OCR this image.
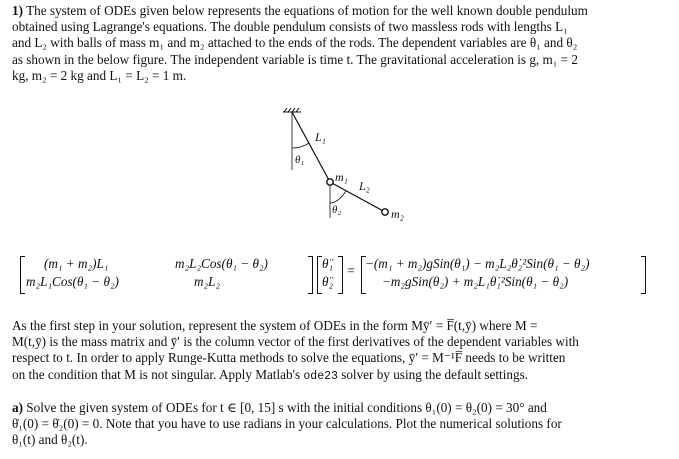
1) The system of ODEs given below represents the equations of motion for the well known double pendulum
obtained using Lagrange's equations. The double pendulum consists of two massless rods with lengths L₁
and L₂ with balls of mass m₁ and m₂ attached to the ends of the rods. The dependent variables are θ₁ and θ₂
as shown in the below figure. The independent variable is time t. The gravitational acceleration is g, m₁ = 2
kg, m₂ = 2 kg and L₁ = L₂ = 1 m.
L₁
θ₁
m₁
L₂
θ₂	m₂
(m₁ + m₂)L₁	m₂L₂Cos(θ₁ − θ₂)
m₂L₁Cos(θ₁ − θ₂)	m₂L₂
θ̈₁
θ̈₂
=
−(m₁ + m₂)gSin(θ₁) − m₂L₂θ̇₂²Sin(θ₁ − θ₂)
−m₂gSin(θ₂) + m₂L₁θ̇₁²Sin(θ₁ − θ₂)
As the first step in your solution, represent the system of ODEs in the form Mȳ′ = F̅(t,ȳ) where M =
M(t,ȳ) is the mass matrix and ȳ′ is the column vector of the first derivatives of the dependent variables with
respect to t. In order to apply Runge-Kutta methods to solve the equations, ȳ′ = M⁻¹F̅ needs to be written
on the condition that M is not singular. Apply Matlab's ode23 solver by using the default settings.
a) Solve the given system of ODEs for t ∈ [0, 15] s with the initial conditions θ₁(0) = θ₂(0) = 30° and
θ̇₁(0) = θ̇₂(0) = 0. Note that you have to use radians in your calculations. Plot the numerical solutions for
θ₁(t) and θ₂(t).
